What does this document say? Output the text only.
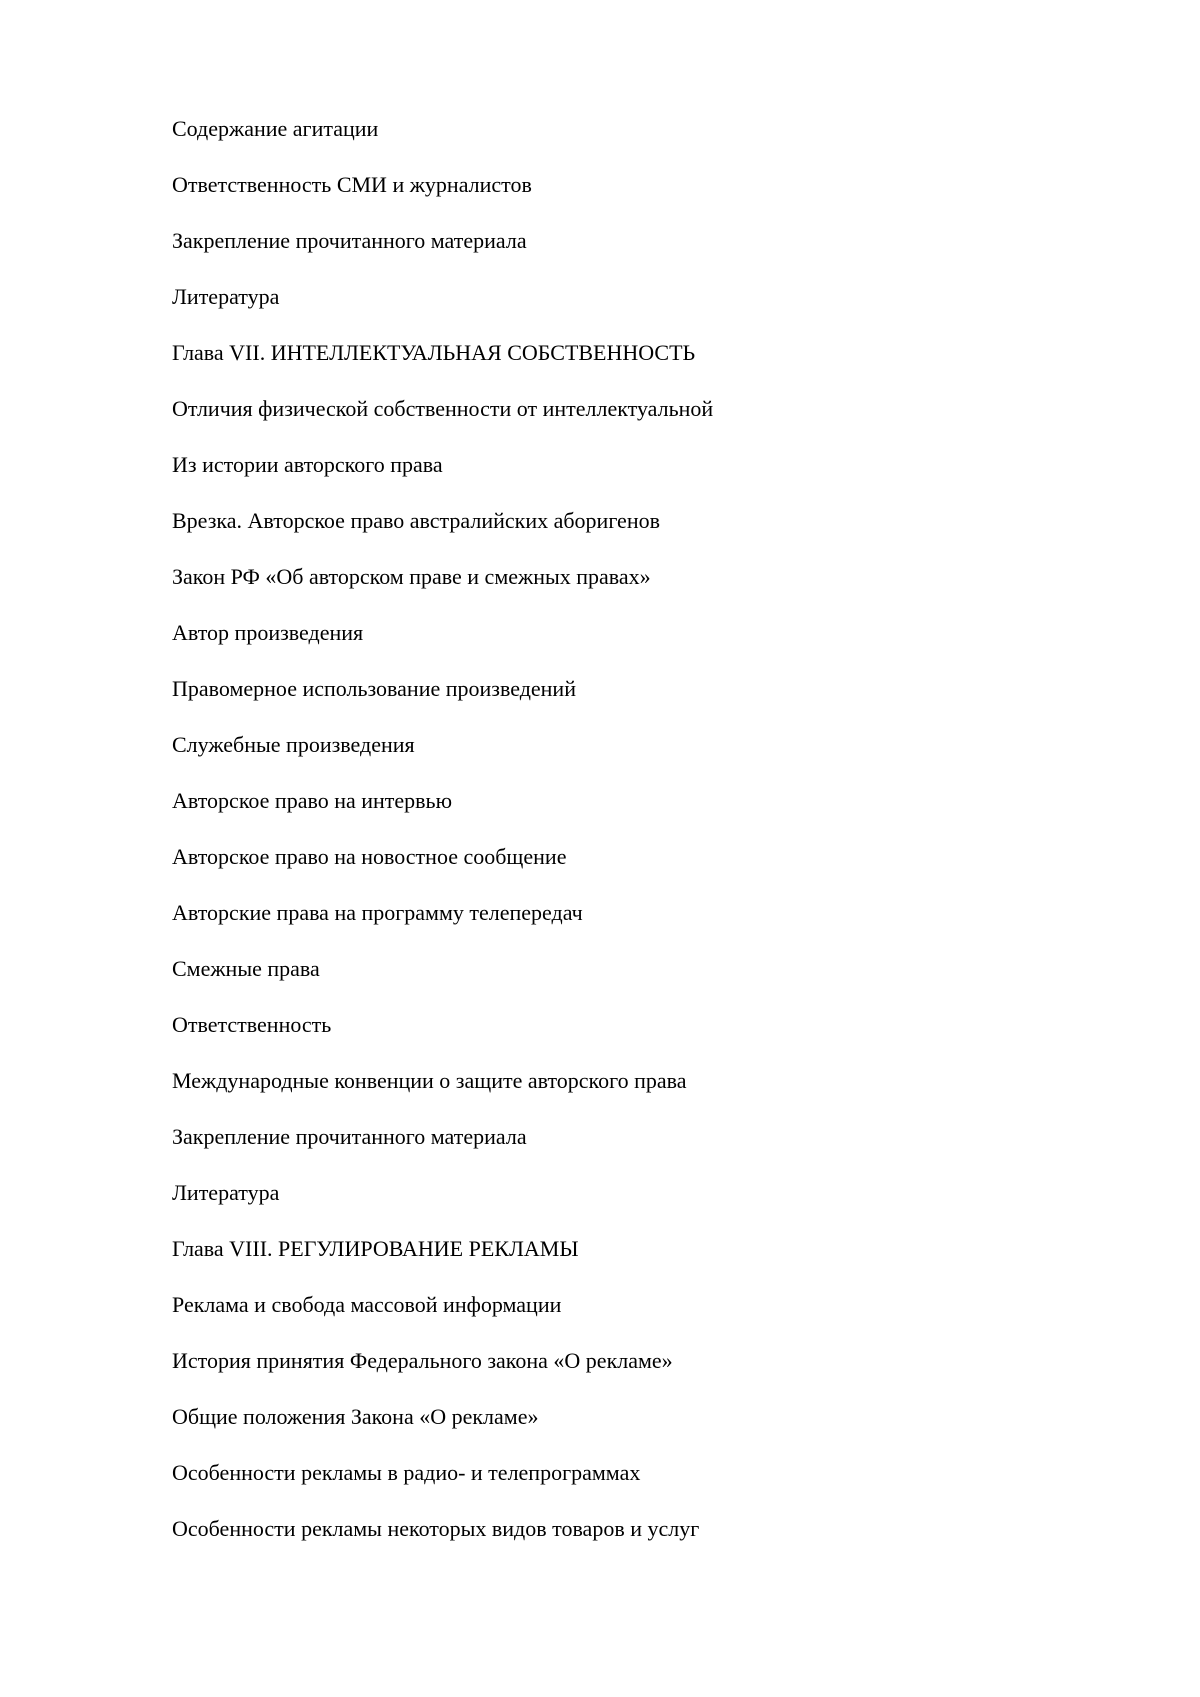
Содержание агитации
Ответственность СМИ и журналистов
Закрепление прочитанного материала
Литература
Глава VII. ИНТЕЛЛЕКТУАЛЬНАЯ СОБСТВЕННОСТЬ
Отличия физической собственности от интеллектуальной
Из истории авторского права
Врезка. Авторское право австралийских аборигенов
Закон РФ «Об авторском праве и смежных правах»
Автор произведения
Правомерное использование произведений
Служебные произведения
Авторское право на интервью
Авторское право на новостное сообщение
Авторские права на программу телепередач
Смежные права
Ответственность
Международные конвенции о защите авторского права
Закрепление прочитанного материала
Литература
Глава VIII. РЕГУЛИРОВАНИЕ РЕКЛАМЫ
Реклама и свобода массовой информации
История принятия Федерального закона «О рекламе»
Общие положения Закона «О рекламе»
Особенности рекламы в радио- и телепрограммах
Особенности рекламы некоторых видов товаров и услуг
